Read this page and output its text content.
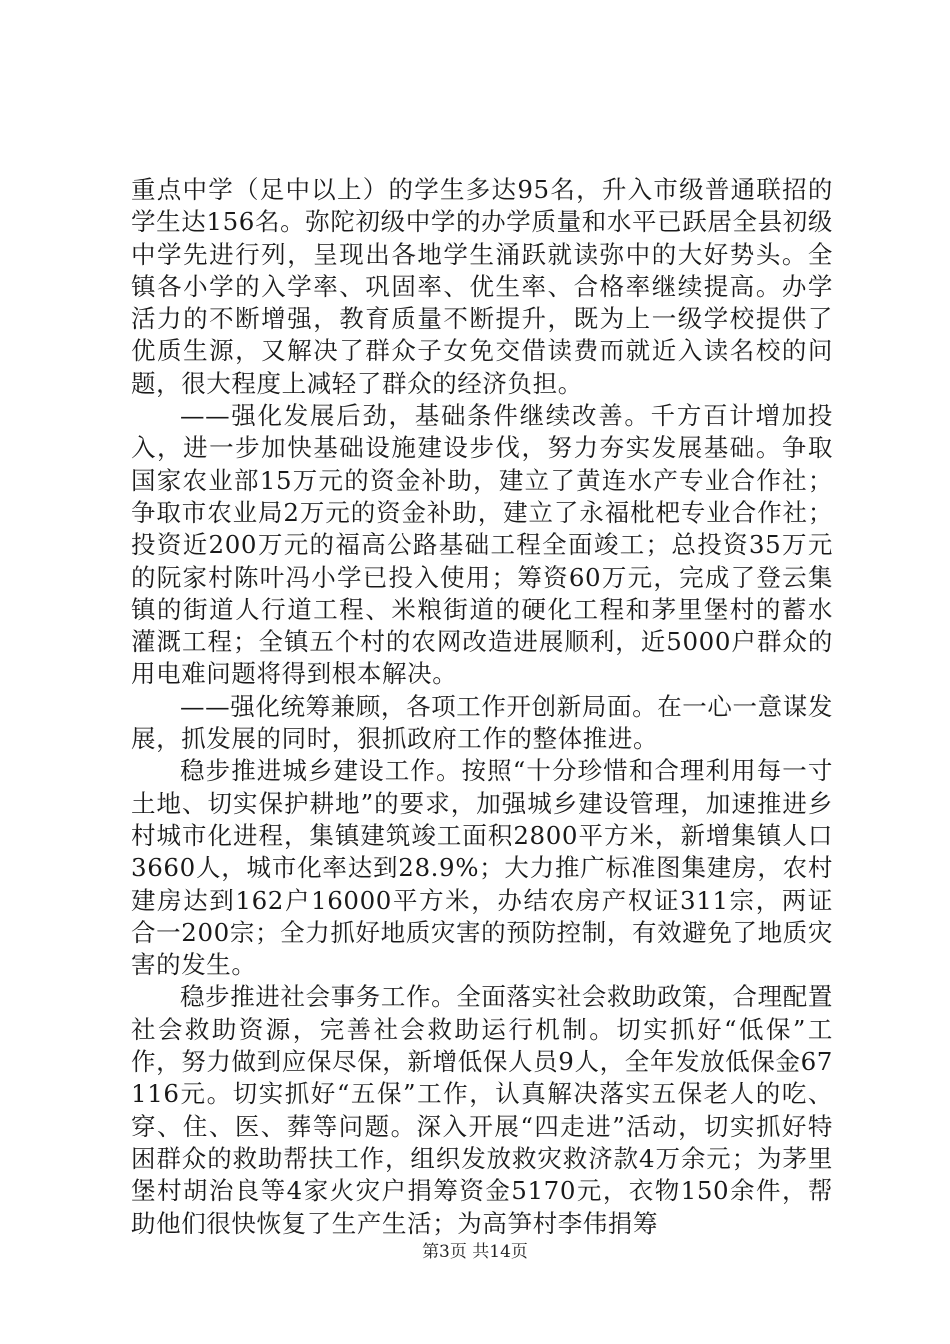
重点中学（足中以上）的学生多达95名，升入市级普通联招的学生达156名。弥陀初级中学的办学质量和水平已跃居全县初级中学先进行列，呈现出各地学生涌跃就读弥中的大好势头。全镇各小学的入学率、巩固率、优生率、合格率继续提高。办学活力的不断增强，教育质量不断提升，既为上一级学校提供了优质生源，又解决了群众子女免交借读费而就近入读名校的问题，很大程度上减轻了群众的经济负担。

——强化发展后劲，基础条件继续改善。千方百计增加投入，进一步加快基础设施建设步伐，努力夯实发展基础。争取国家农业部15万元的资金补助，建立了黄连水产专业合作社；争取市农业局2万元的资金补助，建立了永福枇杷专业合作社；投资近200万元的福高公路基础工程全面竣工；总投资35万元的阮家村陈叶冯小学已投入使用；筹资60万元，完成了登云集镇的街道人行道工程、米粮街道的硬化工程和茅里堡村的蓄水灌溉工程；全镇五个村的农网改造进展顺利，近5000户群众的用电难问题将得到根本解决。

——强化统筹兼顾，各项工作开创新局面。在一心一意谋发展，抓发展的同时，狠抓政府工作的整体推进。

稳步推进城乡建设工作。按照“十分珍惜和合理利用每一寸土地、切实保护耕地”的要求，加强城乡建设管理，加速推进乡村城市化进程，集镇建筑竣工面积2800平方米，新增集镇人口3660人，城市化率达到28.9%；大力推广标准图集建房，农村建房达到162户16000平方米，办结农房产权证311宗，两证合一200宗；全力抓好地质灾害的预防控制，有效避免了地质灾害的发生。

稳步推进社会事务工作。全面落实社会救助政策，合理配置社会救助资源，完善社会救助运行机制。切实抓好“低保”工作，努力做到应保尽保，新增低保人员9人，全年发放低保金67116元。切实抓好“五保”工作，认真解决落实五保老人的吃、穿、住、医、葬等问题。深入开展“四走进”活动，切实抓好特困群众的救助帮扶工作，组织发放救灾救济款4万余元；为茅里堡村胡治良等4家火灾户捐筹资金5170元，衣物150余件，帮助他们很快恢复了生产生活；为高笋村李伟捐筹

第3页 共14页
